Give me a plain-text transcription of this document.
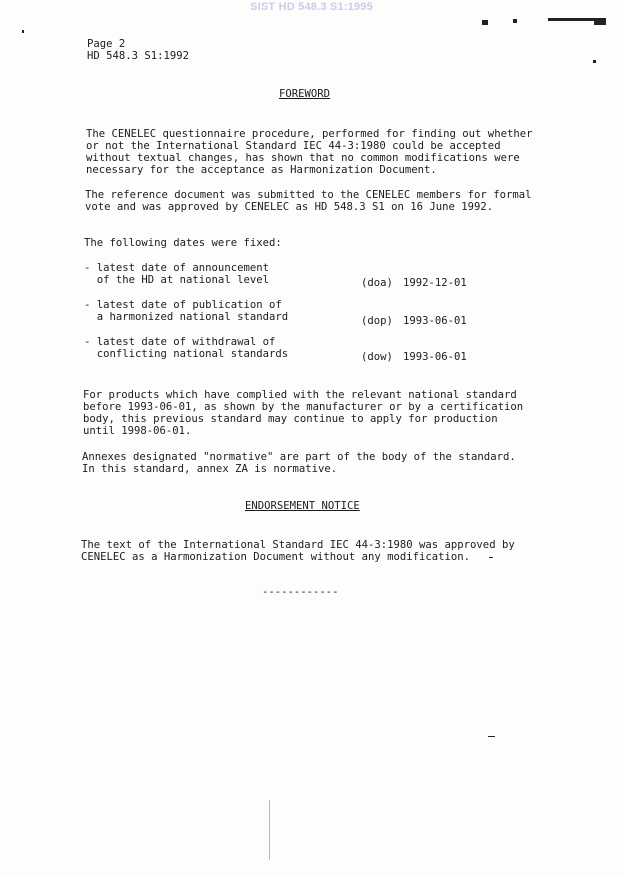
SIST HD 548.3 S1:1995
Page 2
HD 548.3 S1:1992
FOREWORD
The CENELEC questionnaire procedure, performed for finding out whether
or not the International Standard IEC 44-3:1980 could be accepted
without textual changes, has shown that no common modifications were
necessary for the acceptance as Harmonization Document.
The reference document was submitted to the CENELEC members for formal
vote and was approved by CENELEC as HD 548.3 S1 on 16 June 1992.
The following dates were fixed:
- latest date of announcement
of the HD at national level	(doa) 1992-12-01
- latest date of publication of
a harmonized national standard	(dop) 1993-06-01
- latest date of withdrawal of
conflicting national standards	(dow) 1993-06-01
For products which have complied with the relevant national standard
before 1993-06-01, as shown by the manufacturer or by a certification
body, this previous standard may continue to apply for production
until 1998-06-01.
Annexes designated "normative" are part of the body of the standard.
In this standard, annex ZA is normative.
ENDORSEMENT NOTICE
The text of the International Standard IEC 44-3:1980 was approved by
CENELEC as a Harmonization Document without any modification.
------------
